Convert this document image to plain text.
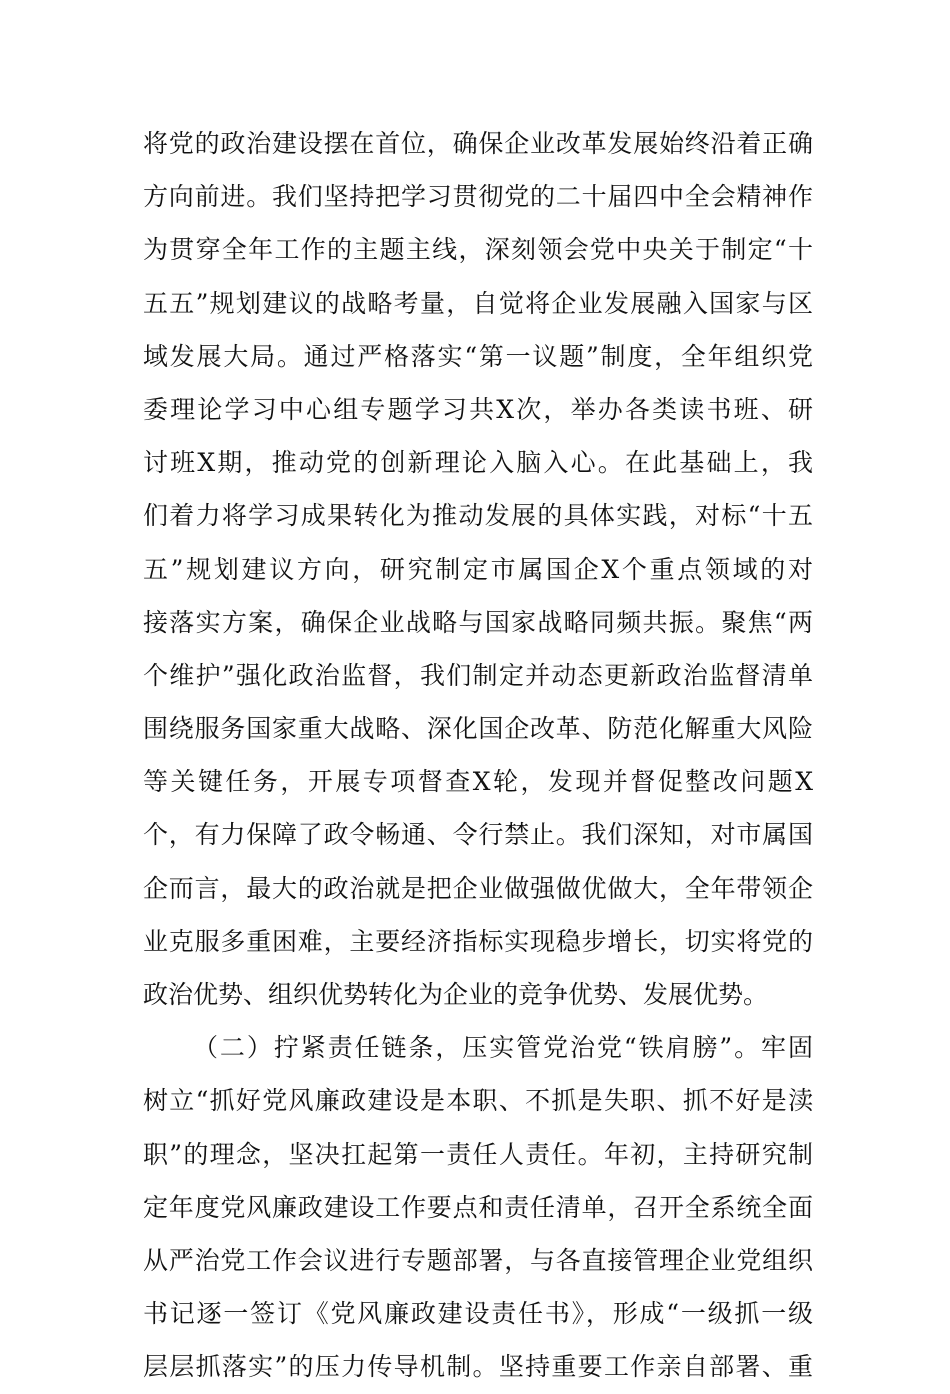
将党的政治建设摆在首位，确保企业改革发展始终沿着正确
方向前进。我们坚持把学习贯彻党的二十届四中全会精神作
为贯穿全年工作的主题主线，深刻领会党中央关于制定“十
五五”规划建议的战略考量，自觉将企业发展融入国家与区
域发展大局。通过严格落实“第一议题”制度，全年组织党
委理论学习中心组专题学习共X次，举办各类读书班、研
讨班X期，推动党的创新理论入脑入心。在此基础上，我
们着力将学习成果转化为推动发展的具体实践，对标“十五
五”规划建议方向，研究制定市属国企X个重点领域的对
接落实方案，确保企业战略与国家战略同频共振。聚焦“两
个维护”强化政治监督，我们制定并动态更新政治监督清单
围绕服务国家重大战略、深化国企改革、防范化解重大风险
等关键任务，开展专项督查X轮，发现并督促整改问题X
个，有力保障了政令畅通、令行禁止。我们深知，对市属国
企而言，最大的政治就是把企业做强做优做大，全年带领企
业克服多重困难，主要经济指标实现稳步增长，切实将党的
政治优势、组织优势转化为企业的竞争优势、发展优势。
（二）拧紧责任链条，压实管党治党“铁肩膀”。牢固
树立“抓好党风廉政建设是本职、不抓是失职、抓不好是渎
职”的理念，坚决扛起第一责任人责任。年初，主持研究制
定年度党风廉政建设工作要点和责任清单，召开全系统全面
从严治党工作会议进行专题部署，与各直接管理企业党组织
书记逐一签订《党风廉政建设责任书》，形成“一级抓一级
层层抓落实”的压力传导机制。坚持重要工作亲自部署、重
